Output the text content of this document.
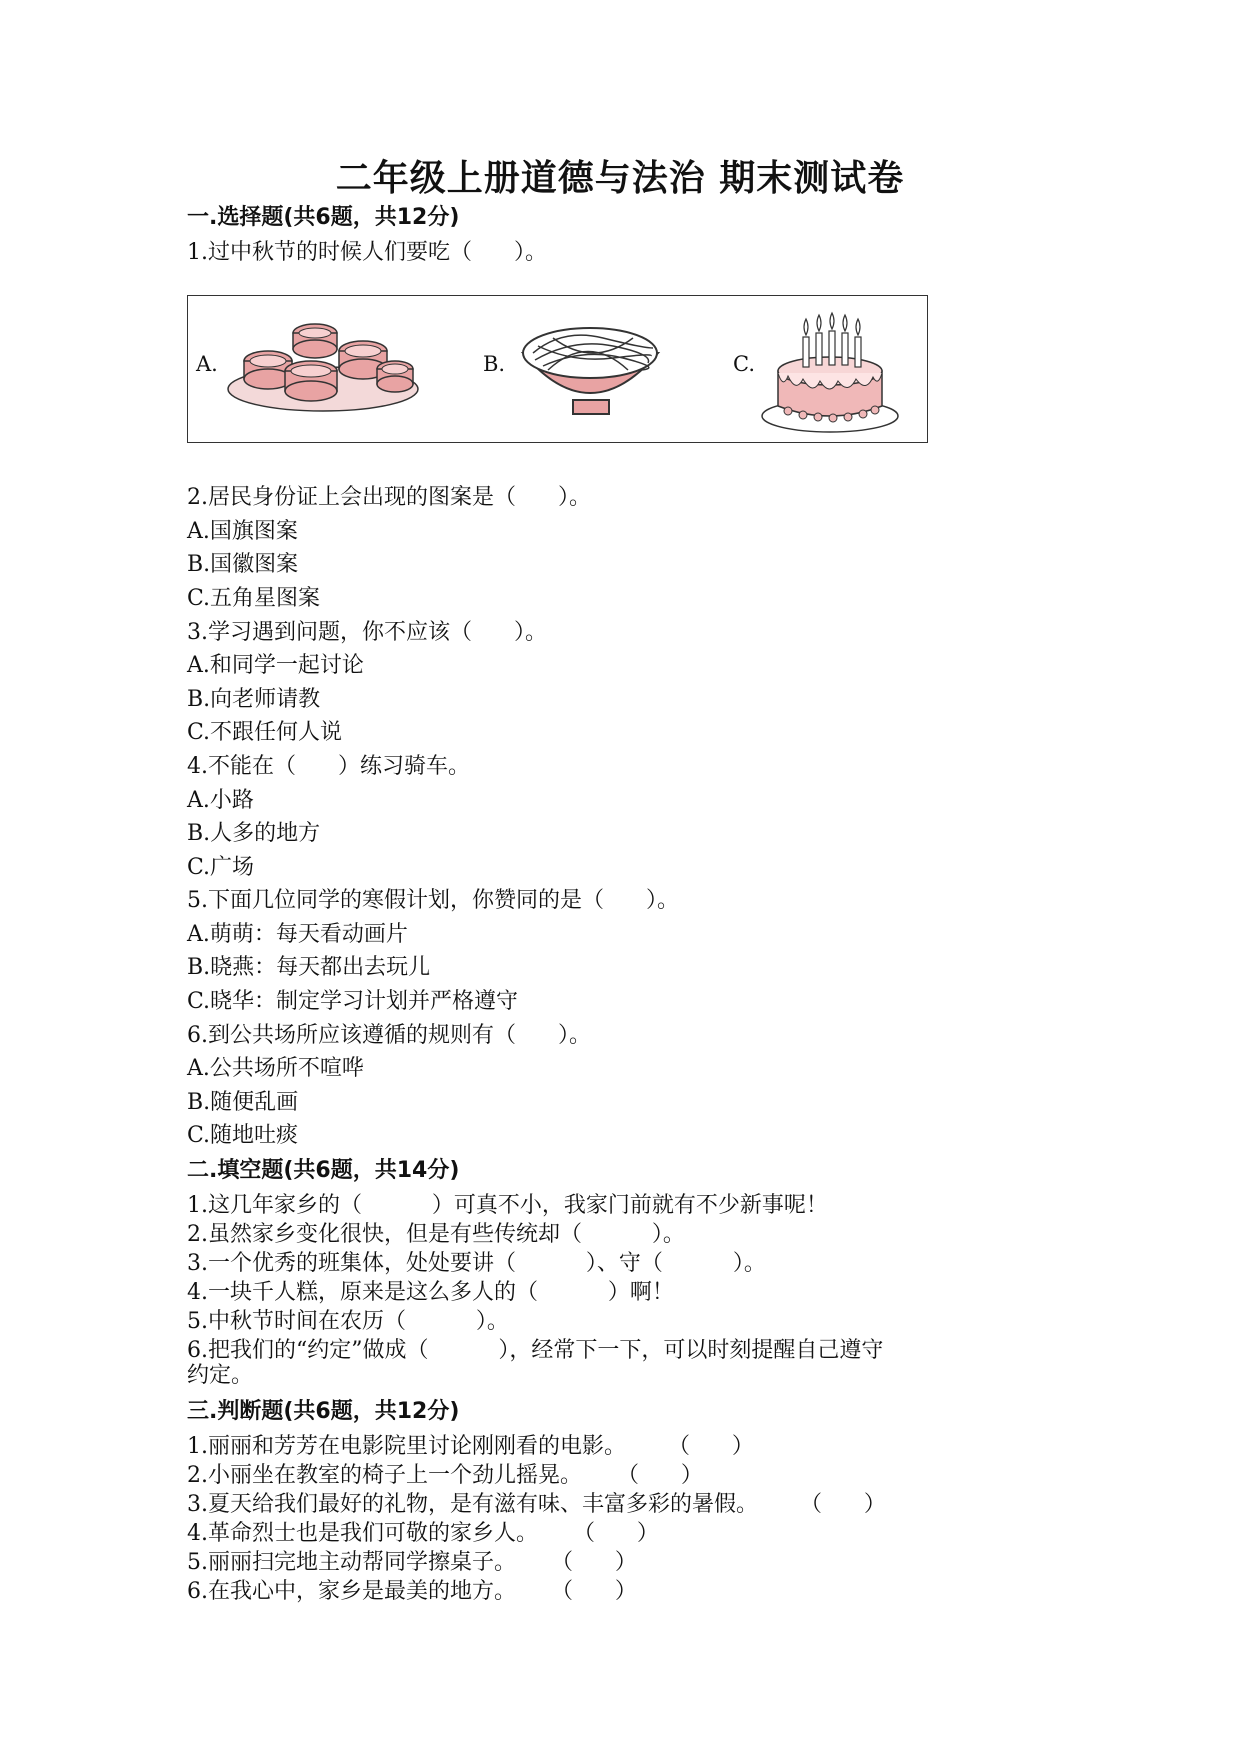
二年级上册道德与法治 期末测试卷
一.选择题(共6题，共12分)
1.过中秋节的时候人们要吃（      ）。
A.	B.	C.
2.居民身份证上会出现的图案是（      ）。
A.国旗图案
B.国徽图案
C.五角星图案
3.学习遇到问题，你不应该（      ）。
A.和同学一起讨论
B.向老师请教
C.不跟任何人说
4.不能在（      ）练习骑车。
A.小路
B.人多的地方
C.广场
5.下面几位同学的寒假计划，你赞同的是（      ）。
A.萌萌：每天看动画片
B.晓燕：每天都出去玩儿
C.晓华：制定学习计划并严格遵守
6.到公共场所应该遵循的规则有（      ）。
A.公共场所不喧哗
B.随便乱画
C.随地吐痰
二.填空题(共6题，共14分)
1.这几年家乡的（          ）可真不小，我家门前就有不少新事呢！
2.虽然家乡变化很快，但是有些传统却（          ）。
3.一个优秀的班集体，处处要讲（          ）、守（          ）。
4.一块千人糕，原来是这么多人的（          ）啊！
5.中秋节时间在农历（          ）。
6.把我们的“约定”做成（          ），经常下一下，可以时刻提醒自己遵守
约定。
三.判断题(共6题，共12分)
1.丽丽和芳芳在电影院里讨论刚刚看的电影。      （      ）
2.小丽坐在教室的椅子上一个劲儿摇晃。     （      ）
3.夏天给我们最好的礼物，是有滋有味、丰富多彩的暑假。      （      ）
4.革命烈士也是我们可敬的家乡人。     （      ）
5.丽丽扫完地主动帮同学擦桌子。     （      ）
6.在我心中，家乡是最美的地方。     （      ）
